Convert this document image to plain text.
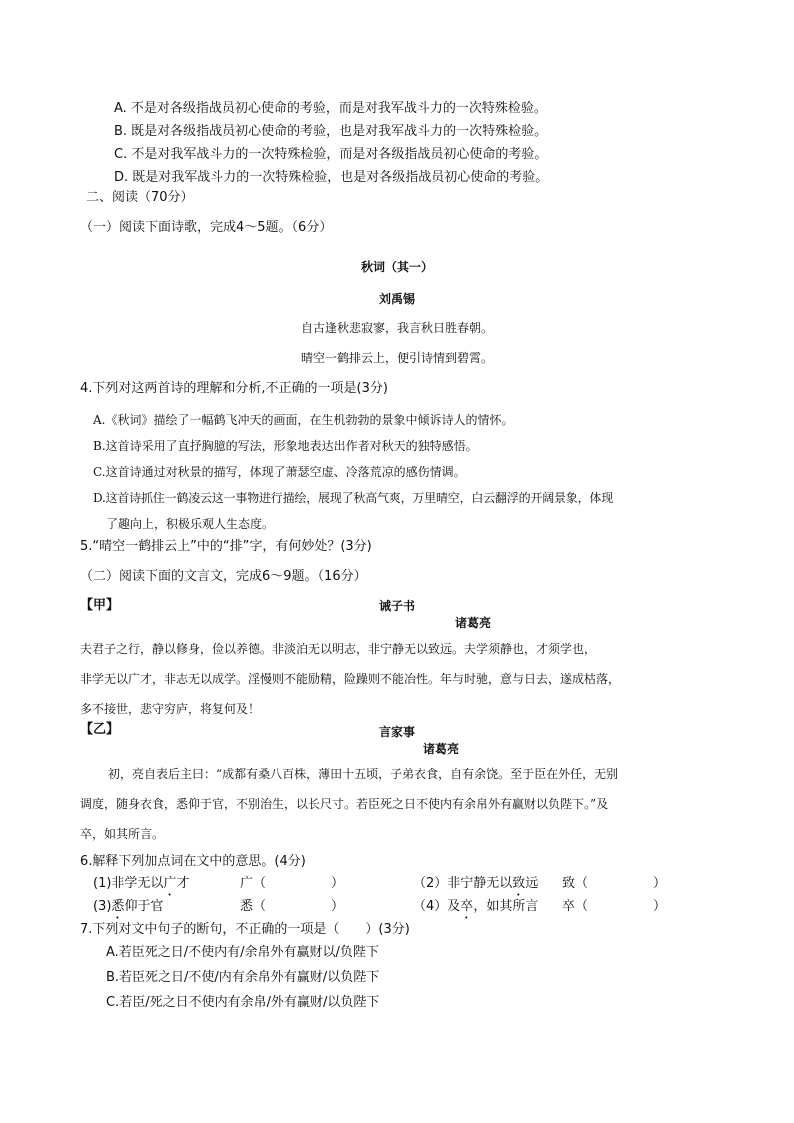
A. 不是对各级指战员初心使命的考验，而是对我军战斗力的一次特殊检验。
B. 既是对各级指战员初心使命的考验，也是对我军战斗力的一次特殊检验。
C. 不是对我军战斗力的一次特殊检验，而是对各级指战员初心使命的考验。
D. 既是对我军战斗力的一次特殊检验，也是对各级指战员初心使命的考验。
二、阅读（70分）
（一）阅读下面诗歌，完成4～5题。（6分）
秋词（其一）
刘禹锡
自古逢秋悲寂寥，我言秋日胜春朝。
晴空一鹤排云上，便引诗情到碧霄。
4.下列对这两首诗的理解和分析,不正确的一项是(3分)
A.《秋词》描绘了一幅鹤飞冲天的画面，在生机勃勃的景象中倾诉诗人的情怀。
B.这首诗采用了直抒胸臆的写法，形象地表达出作者对秋天的独特感悟。
C.这首诗通过对秋景的描写，体现了萧瑟空虚、冷落荒凉的感伤情调。
D.这首诗抓住一鹤凌云这一事物进行描绘，展现了秋高气爽，万里晴空，白云翻浮的开阔景象，体现
了趣向上，积极乐观人生态度。
5.“晴空一鹤排云上”中的“排”字，有何妙处？(3分)
（二）阅读下面的文言文，完成6～9题。（16分）
【甲】	诫子书
诸葛亮
夫君子之行，静以修身，俭以养德。非淡泊无以明志，非宁静无以致远。夫学须静也，才须学也，
非学无以广才，非志无以成学。淫慢则不能励精，险躁则不能冶性。年与时驰，意与日去，遂成枯落，
多不接世，悲守穷庐，将复何及！
【乙】	言家事
诸葛亮
初，亮自表后主曰：“成都有桑八百株，薄田十五顷，子弟衣食，自有余饶。至于臣在外任，无别
调度，随身衣食，悉仰于官，不别治生，以长尺寸。若臣死之日不使内有余帛外有赢财以负陛下。”及
卒，如其所言。
6.解释下列加点词在文中的意思。(4分)
(1)非学无以广才	广（　　　　　）	（2）非宁静无以致远 致（　　　　　）
(3)悉仰于官	悉（　　　　　）	（4）及卒，如其所言 卒（　　　　　）
7.下列对文中句子的断句，不正确的一项是（　　）(3分)
A.若臣死之日/不使内有/余帛外有赢财以/负陛下
B.若臣死之日/不使/内有余帛外有赢财/以负陛下
C.若臣/死之日不使内有余帛/外有赢财/以负陛下
